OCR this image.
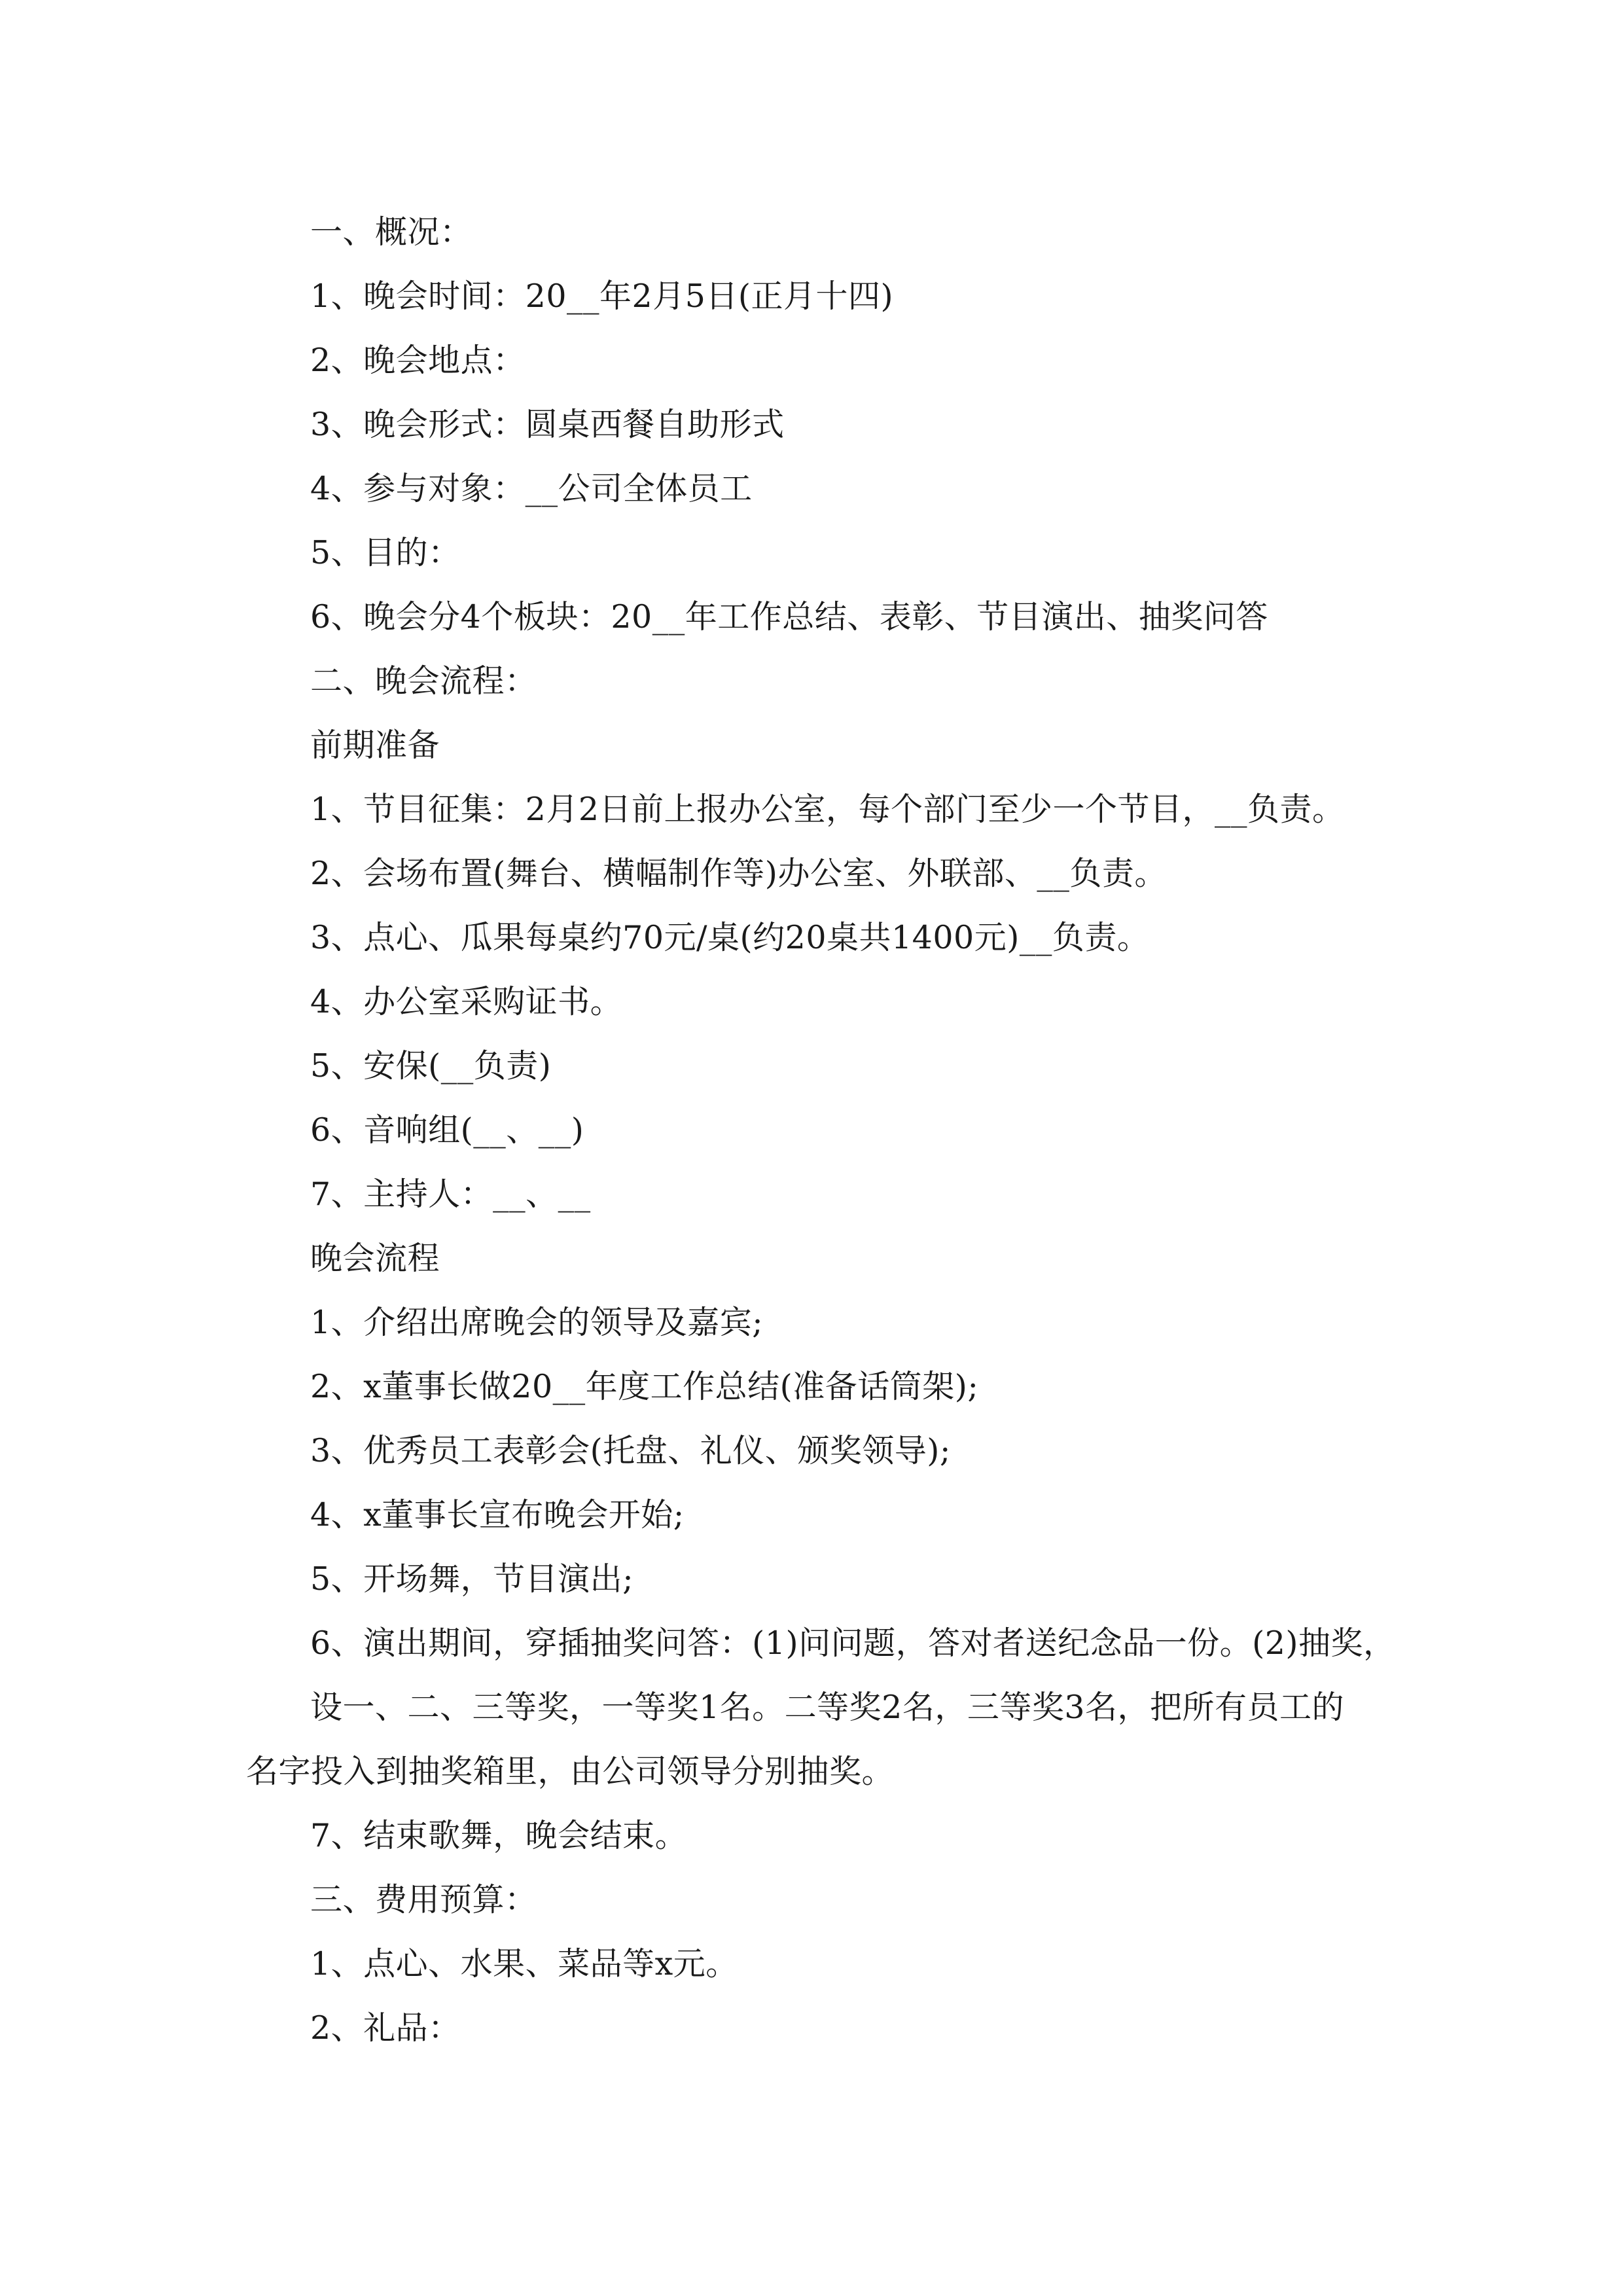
一、概况：
1、晚会时间：20__年2月5日(正月十四)
2、晚会地点：
3、晚会形式：圆桌西餐自助形式
4、参与对象：__公司全体员工
5、目的：
6、晚会分4个板块：20__年工作总结、表彰、节目演出、抽奖问答
二、晚会流程：
前期准备
1、节目征集：2月2日前上报办公室，每个部门至少一个节目，__负责。
2、会场布置(舞台、横幅制作等)办公室、外联部、__负责。
3、点心、瓜果每桌约70元/桌(约20桌共1400元)__负责。
4、办公室采购证书。
5、安保(__负责)
6、音响组(__、__)
7、主持人：__、__
晚会流程
1、介绍出席晚会的领导及嘉宾;
2、x董事长做20__年度工作总结(准备话筒架);
3、优秀员工表彰会(托盘、礼仪、颁奖领导);
4、x董事长宣布晚会开始;
5、开场舞，节目演出;
6、演出期间，穿插抽奖问答：(1)问问题，答对者送纪念品一份。(2)抽奖，
设一、二、三等奖，一等奖1名。二等奖2名，三等奖3名，把所有员工的
名字投入到抽奖箱里，由公司领导分别抽奖。
7、结束歌舞，晚会结束。
三、费用预算：
1、点心、水果、菜品等x元。
2、礼品：
